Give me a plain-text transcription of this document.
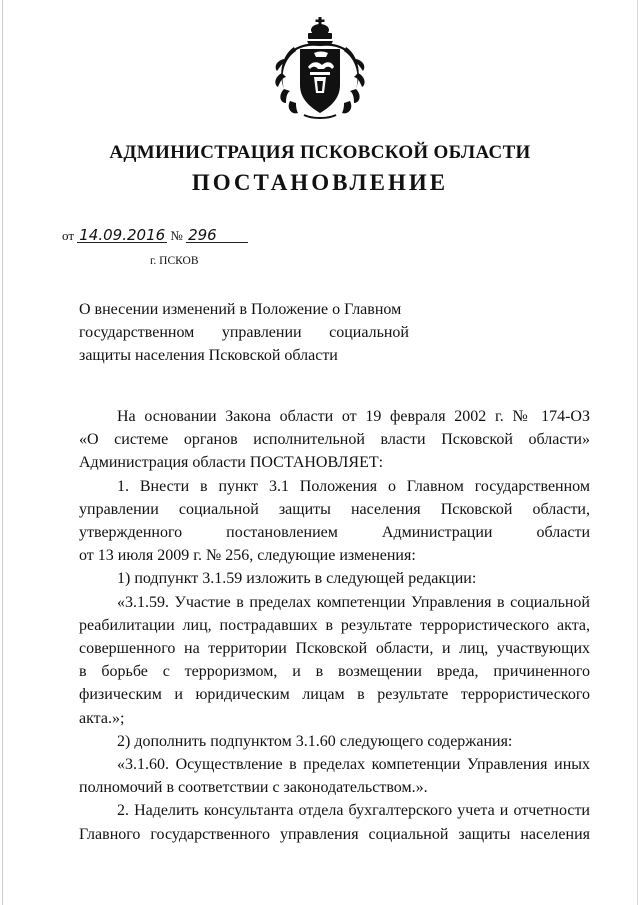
АДМИНИСТРАЦИЯ ПСКОВСКОЙ ОБЛАСТИ
ПОСТАНОВЛЕНИЕ
от 14.09.2016 № 296
г. ПСКОВ
О внесении изменений в Положение о Главном
государственном управлении социальной
защиты населения Псковской области
На основании Закона области от 19 февраля 2002 г. № 174-ОЗ
«О системе органов исполнительной власти Псковской области»
Администрация области ПОСТАНОВЛЯЕТ:
1. Внести в пункт 3.1 Положения о Главном государственном
управлении социальной защиты населения Псковской области,
утвержденного постановлением Администрации области
от 13 июля 2009 г. № 256, следующие изменения:
1) подпункт 3.1.59 изложить в следующей редакции:
«3.1.59. Участие в пределах компетенции Управления в социальной
реабилитации лиц, пострадавших в результате террористического акта,
совершенного на территории Псковской области, и лиц, участвующих
в борьбе с терроризмом, и в возмещении вреда, причиненного
физическим и юридическим лицам в результате террористического
акта.»;
2) дополнить подпунктом 3.1.60 следующего содержания:
«3.1.60. Осуществление в пределах компетенции Управления иных
полномочий в соответствии с законодательством.».
2. Наделить консультанта отдела бухгалтерского учета и отчетности
Главного государственного управления социальной защиты населения
